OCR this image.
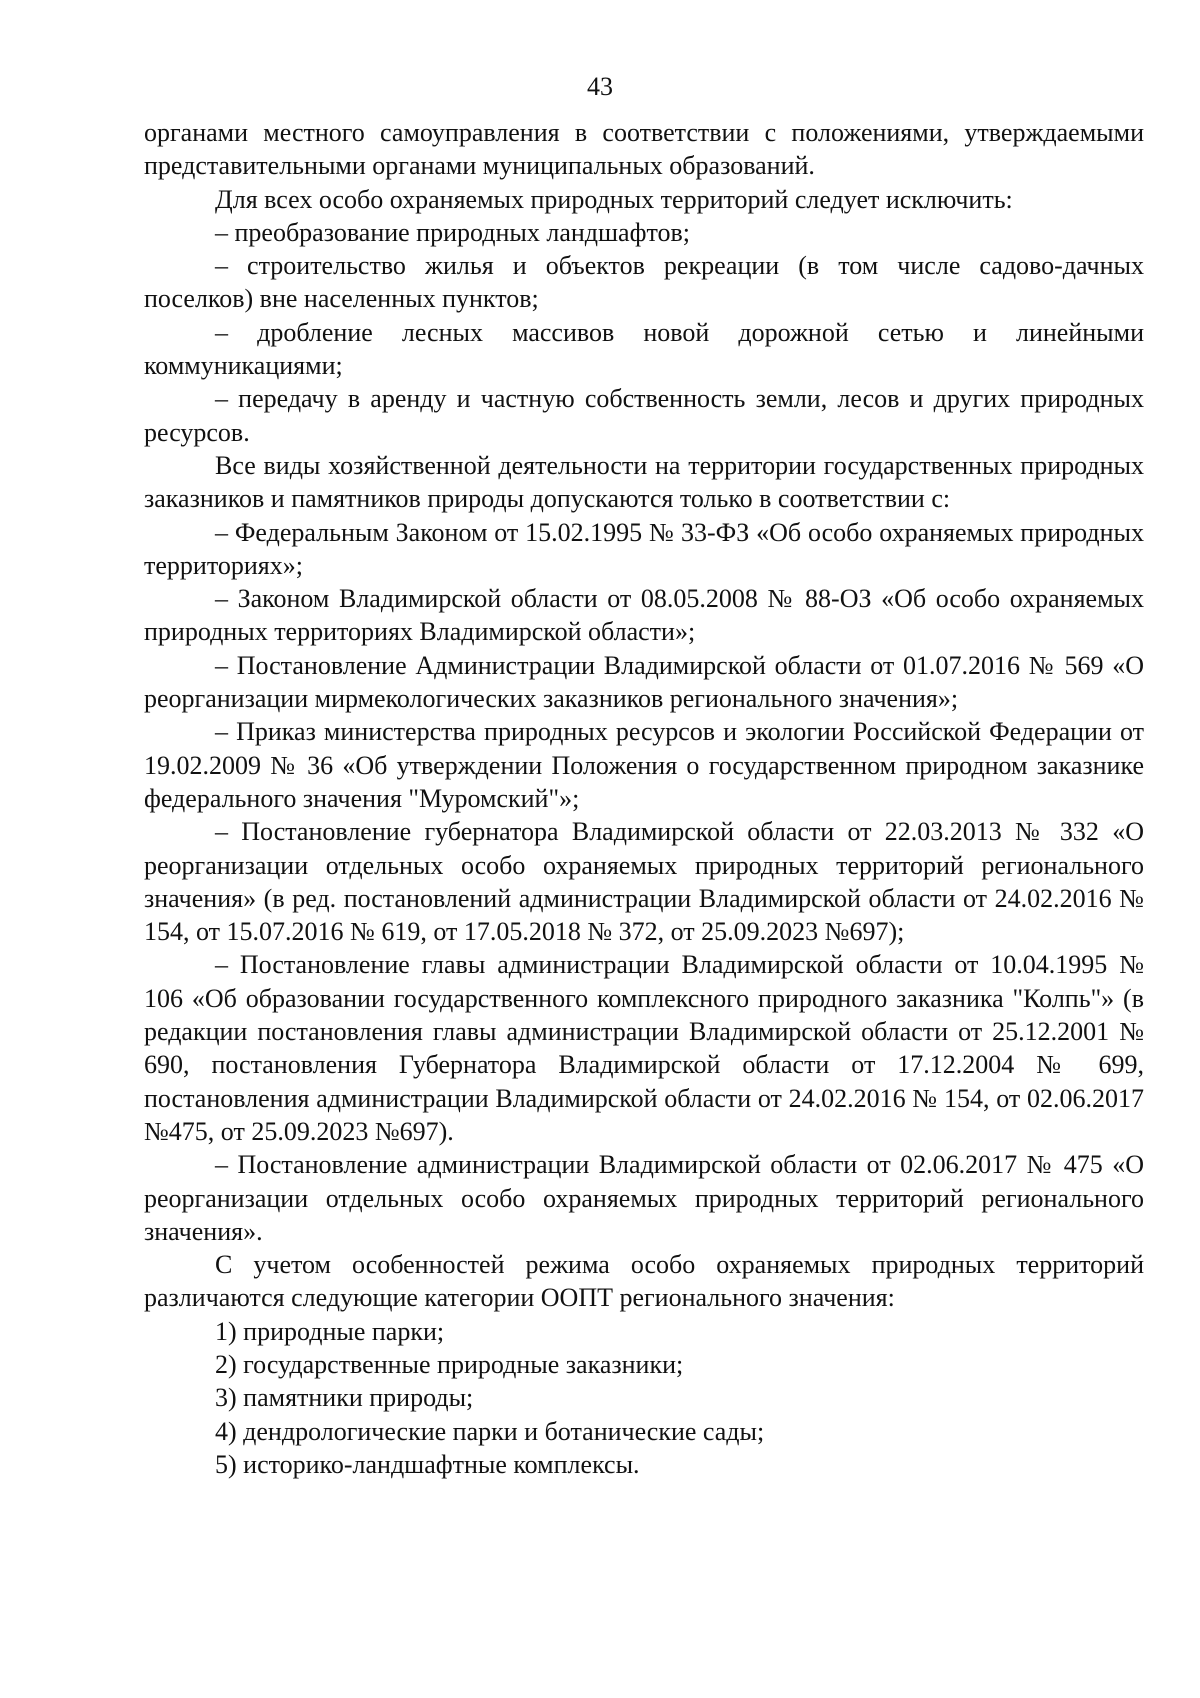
43

органами местного самоуправления в соответствии с положениями, утверждаемыми представительными органами муниципальных образований.

Для всех особо охраняемых природных территорий следует исключить:

– преобразование природных ландшафтов;

– строительство жилья и объектов рекреации (в том числе садово-дачных поселков) вне населенных пунктов;

– дробление лесных массивов новой дорожной сетью и линейными коммуникациями;

– передачу в аренду и частную собственность земли, лесов и других природных ресурсов.

Все виды хозяйственной деятельности на территории государственных природных заказников и памятников природы допускаются только в соответствии с:

– Федеральным Законом от 15.02.1995 № 33-ФЗ «Об особо охраняемых природных территориях»;

– Законом Владимирской области от 08.05.2008 № 88-ОЗ «Об особо охраняемых природных территориях Владимирской области»;

– Постановление Администрации Владимирской области от 01.07.2016 № 569 «О реорганизации мирмекологических заказников регионального значения»;

– Приказ министерства природных ресурсов и экологии Российской Федерации от 19.02.2009 № 36 «Об утверждении Положения о государственном природном заказнике федерального значения "Муромский"»;

– Постановление губернатора Владимирской области от 22.03.2013 № 332 «О реорганизации отдельных особо охраняемых природных территорий регионального значения» (в ред. постановлений администрации Владимирской области от 24.02.2016 № 154, от 15.07.2016 № 619, от 17.05.2018 № 372, от 25.09.2023 №697);

– Постановление главы администрации Владимирской области от 10.04.1995 № 106 «Об образовании государственного комплексного природного заказника "Колпь"» (в редакции постановления главы администрации Владимирской области от 25.12.2001 № 690, постановления Губернатора Владимирской области от 17.12.2004 № 699, постановления администрации Владимирской области от 24.02.2016 № 154, от 02.06.2017 №475, от 25.09.2023 №697).

– Постановление администрации Владимирской области от 02.06.2017 № 475 «О реорганизации отдельных особо охраняемых природных территорий регионального значения».

С учетом особенностей режима особо охраняемых природных территорий различаются следующие категории ООПТ регионального значения:

1) природные парки;

2) государственные природные заказники;

3) памятники природы;

4) дендрологические парки и ботанические сады;

5) историко-ландшафтные комплексы.
